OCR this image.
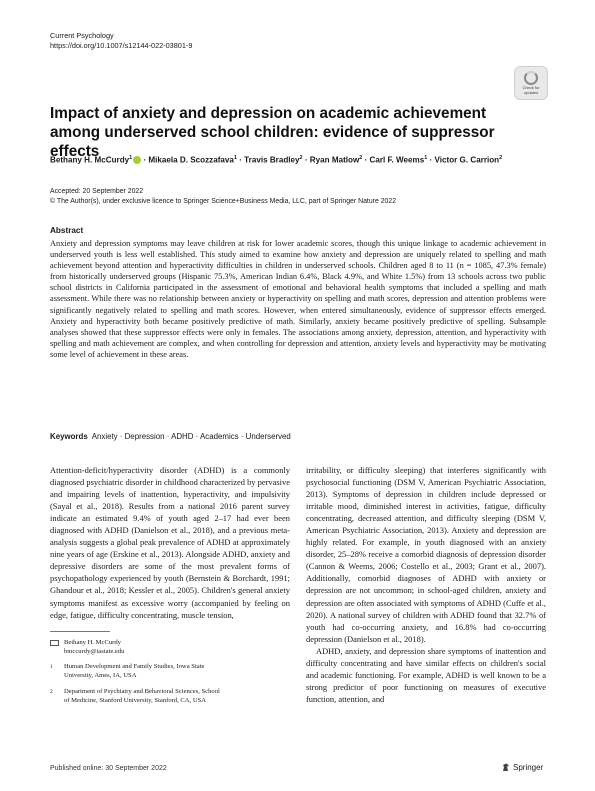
Current Psychology
https://doi.org/10.1007/s12144-022-03801-9
Check for
updates
Impact of anxiety and depression on academic achievement
among underserved school children: evidence of suppressor effects
Bethany H. McCurdy$^1$ · Mikaela D. Scozzafava$^1$ · Travis Bradley$^2$ · Ryan Matlow$^2$ · Carl F. Weems$^1$ · Victor G. Carrion$^2$
Accepted: 20 September 2022
© The Author(s), under exclusive licence to Springer Science+Business Media, LLC, part of Springer Nature 2022
Abstract

Anxiety and depression symptoms may leave children at risk for lower academic scores, though this unique linkage to academic achievement in underserved youth is less well established. This study aimed to examine how anxiety and depression are uniquely related to spelling and math achievement beyond attention and hyperactivity difficulties in children in underserved schools. Children aged 8 to 11 (n = 1085, 47.3% female) from historically underserved groups (Hispanic 75.3%, American Indian 6.4%, Black 4.9%, and White 1.5%) from 13 schools across two public school districts in California participated in the assessment of emotional and behavioral health symptoms that included a spelling and math assessment. While there was no relationship between anxiety or hyperactivity on spelling and math scores, depression and attention problems were significantly negatively related to spelling and math scores. However, when entered simultaneously, evidence of suppressor effects emerged. Anxiety and hyperactivity both became positively predictive of math. Similarly, anxiety became positively predictive of spelling. Subsample analyses showed that these suppressor effects were only in females. The associations among anxiety, depression, attention, and hyperactivity with spelling and math achievement are complex, and when controlling for depression and attention, anxiety levels and hyperactivity may be motivating some level of achievement in these areas.

Keywords Anxiety · Depression · ADHD · Academics · Underserved

Attention-deficit/hyperactivity disorder (ADHD) is a commonly diagnosed psychiatric disorder in childhood characterized by pervasive and impairing levels of inattention, hyperactivity, and impulsivity (Sayal et al., 2018). Results from a national 2016 parent survey indicate an estimated 9.4% of youth aged 2–17 had ever been diagnosed with ADHD (Danielson et al., 2018), and a previous meta-analysis suggests a global peak prevalence of ADHD at approximately nine years of age (Erskine et al., 2013). Alongside ADHD, anxiety and depressive disorders are some of the most prevalent forms of psychopathology experienced by youth (Bernstein & Borchardt, 1991; Ghandour et al., 2018; Kessler et al., 2005). Children's general anxiety symptoms manifest as excessive worry (accompanied by feeling on edge, fatigue, difficulty concentrating, muscle tension,

irritability, or difficulty sleeping) that interferes significantly with psychosocial functioning (DSM V, American Psychiatric Association, 2013). Symptoms of depression in children include depressed or irritable mood, diminished interest in activities, fatigue, difficulty concentrating, decreased attention, and difficulty sleeping (DSM V, American Psychiatric Association, 2013). Anxiety and depression are highly related. For example, in youth diagnosed with an anxiety disorder, 25–28% receive a comorbid diagnosis of depression disorder (Cannon & Weems, 2006; Costello et al., 2003; Grant et al., 2007). Additionally, comorbid diagnoses of ADHD with anxiety or depression are not uncommon; in school-aged children, anxiety and depression are often associated with symptoms of ADHD (Cuffe et al., 2020). A national survey of children with ADHD found that 32.7% of youth had co-occurring anxiety, and 16.8% had co-occurring depression (Danielson et al., 2018).

ADHD, anxiety, and depression share symptoms of inattention and difficulty concentrating and have similar effects on children's social and academic functioning. For example, ADHD is well known to be a strong predictor of poor functioning on measures of executive function, attention, and

Bethany H. McCurdy
bmccurdy@iastate.edu
1	Human Development and Family Studies, Iowa State
University, Ames, IA, USA
2	Department of Psychiatry and Behavioral Sciences, School
of Medicine, Stanford University, Stanford, CA, USA
Published online: 30 September 2022	Springer
